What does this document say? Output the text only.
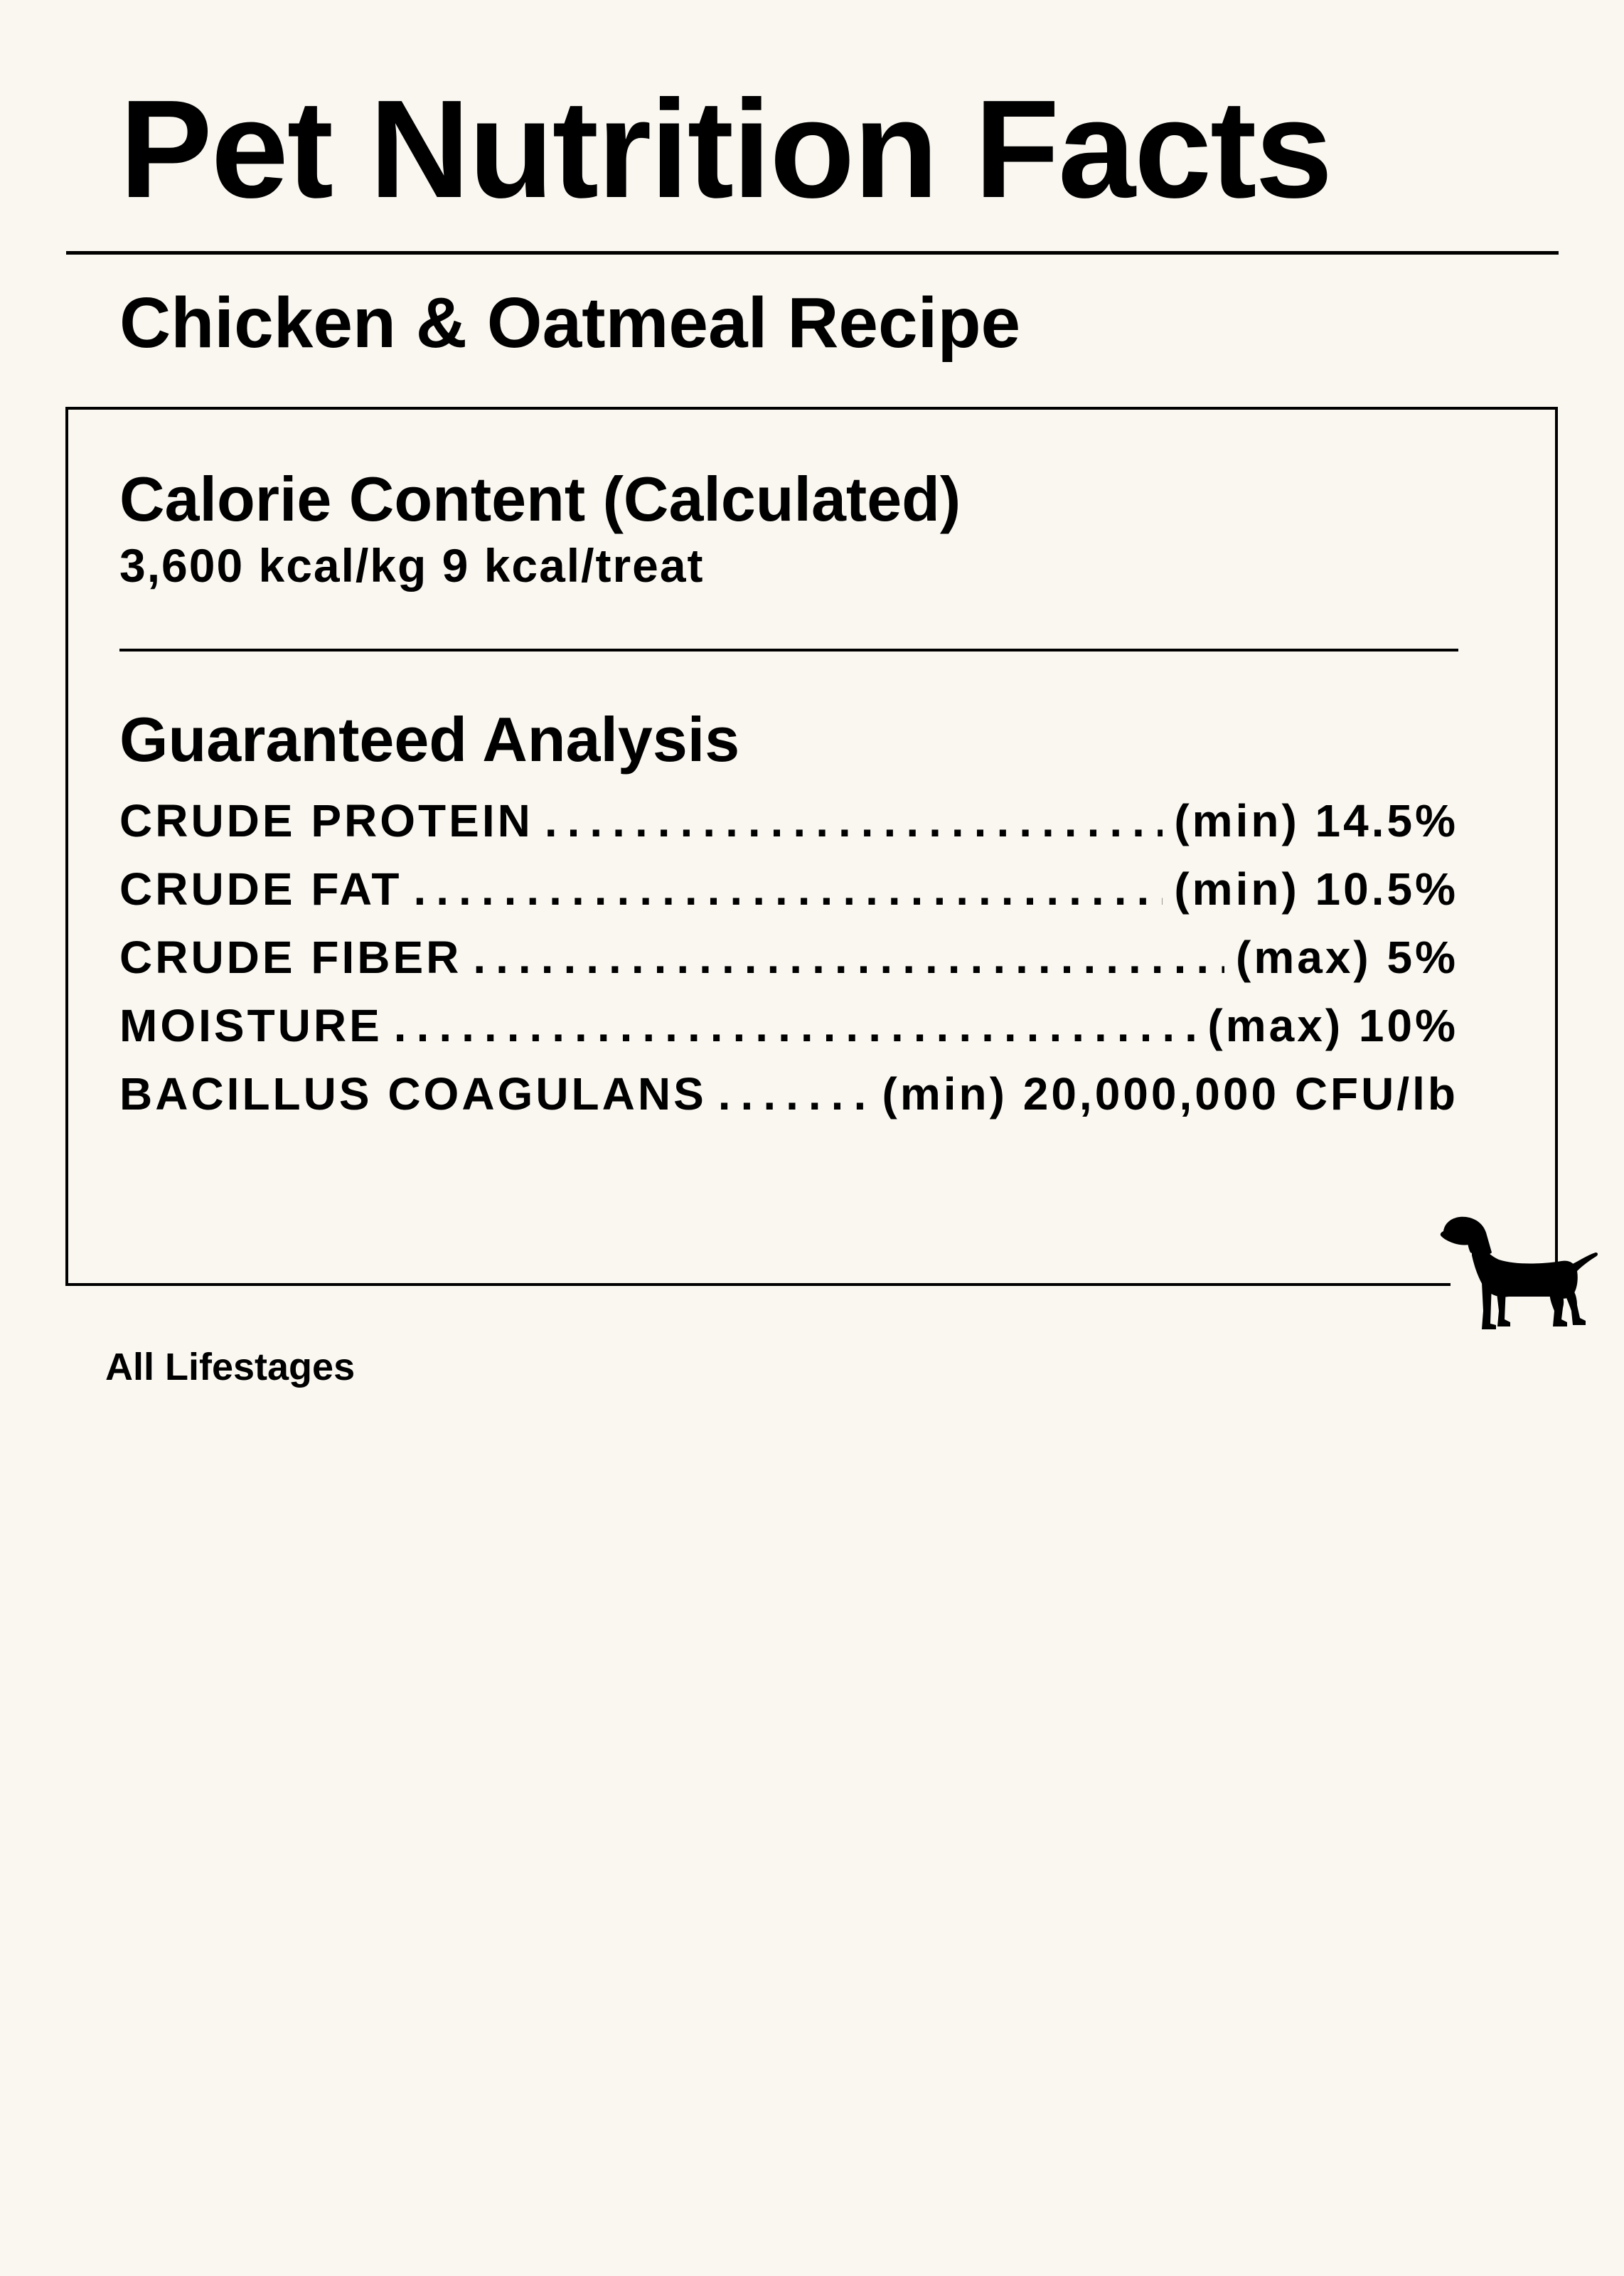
Pet Nutrition Facts
Chicken & Oatmeal Recipe
Calorie Content (Calculated)
3,600 kcal/kg 9 kcal/treat
Guaranteed Analysis
CRUDE PROTEIN .....	(min) 14.5%
CRUDE FAT .....	(min) 10.5%
CRUDE FIBER .....	(max) 5%
MOISTURE .....	(max) 10%
BACILLUS COAGULANS .....	(min) 20,000,000 CFU/lb
All Lifestages
